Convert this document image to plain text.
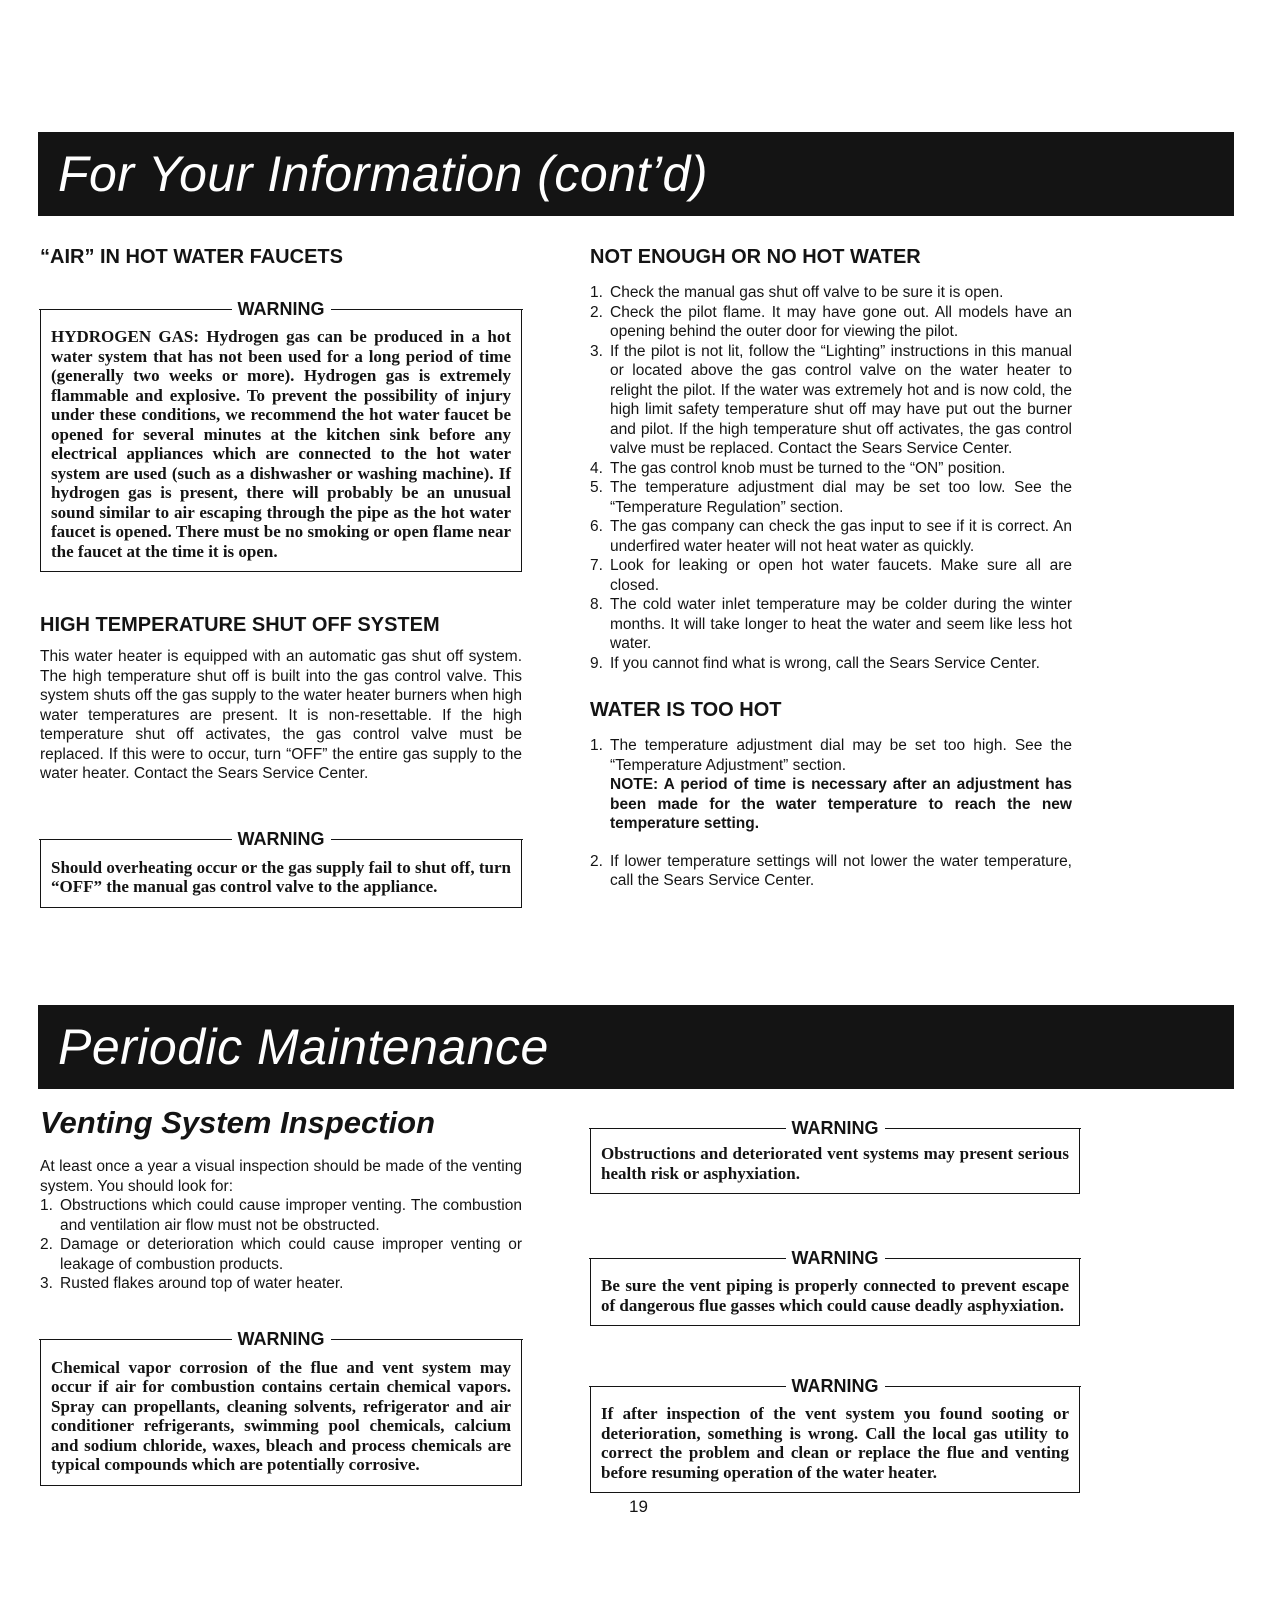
For Your Information (cont’d)
Periodic Maintenance
“AIR” IN HOT WATER FAUCETS
WARNING

HYDROGEN GAS: Hydrogen gas can be produced in a hot water system that has not been used for a long period of time (generally two weeks or more). Hydrogen gas is extremely flammable and explosive. To prevent the possibility of injury under these conditions, we recommend the hot water faucet be opened for several minutes at the kitchen sink before any electrical appliances which are connected to the hot water system are used (such as a dishwasher or washing machine). If hydrogen gas is present, there will probably be an unusual sound similar to air escaping through the pipe as the hot water faucet is opened. There must be no smoking or open flame near the faucet at the time it is open.

HIGH TEMPERATURE SHUT OFF SYSTEM

This water heater is equipped with an automatic gas shut off system. The high temperature shut off is built into the gas control valve. This system shuts off the gas supply to the water heater burners when high water temperatures are present. It is non-resettable. If the high temperature shut off activates, the gas control valve must be replaced. If this were to occur, turn “OFF” the entire gas supply to the water heater. Contact the Sears Service Center.

WARNING

Should overheating occur or the gas supply fail to shut off, turn “OFF” the manual gas control valve to the appliance.

NOT ENOUGH OR NO HOT WATER
1. Check the manual gas shut off valve to be sure it is open.
2. Check the pilot flame. It may have gone out. All models have an opening behind the outer door for viewing the pilot.
3. If the pilot is not lit, follow the “Lighting” instructions in this manual or located above the gas control valve on the water heater to relight the pilot. If the water was extremely hot and is now cold, the high limit safety temperature shut off may have put out the burner and pilot. If the high temperature shut off activates, the gas control valve must be replaced. Contact the Sears Service Center.
4. The gas control knob must be turned to the “ON” position.
5. The temperature adjustment dial may be set too low. See the “Temperature Regulation” section.
6. The gas company can check the gas input to see if it is correct. An underfired water heater will not heat water as quickly.
7. Look for leaking or open hot water faucets. Make sure all are closed.
8. The cold water inlet temperature may be colder during the winter months. It will take longer to heat the water and seem like less hot water.
9. If you cannot find what is wrong, call the Sears Service Center.
WATER IS TOO HOT
1. The temperature adjustment dial may be set too high. See the “Temperature Adjustment” section.
NOTE: A period of time is necessary after an adjustment has been made for the water temperature to reach the new temperature setting.
2. If lower temperature settings will not lower the water temperature, call the Sears Service Center.
Venting System Inspection

At least once a year a visual inspection should be made of the venting system. You should look for:

1. Obstructions which could cause improper venting. The combustion and ventilation air flow must not be obstructed.
2. Damage or deterioration which could cause improper venting or leakage of combustion products.
3. Rusted flakes around top of water heater.
WARNING

Chemical vapor corrosion of the flue and vent system may occur if air for combustion contains certain chemical vapors. Spray can propellants, cleaning solvents, refrigerator and air conditioner refrigerants, swimming pool chemicals, calcium and sodium chloride, waxes, bleach and process chemicals are typical compounds which are potentially corrosive.

WARNING

Obstructions and deteriorated vent systems may present serious health risk or asphyxiation.

WARNING

Be sure the vent piping is properly connected to prevent escape of dangerous flue gasses which could cause deadly asphyxiation.

WARNING

If after inspection of the vent system you found sooting or deterioration, something is wrong. Call the local gas utility to correct the problem and clean or replace the flue and venting before resuming operation of the water heater.

19
